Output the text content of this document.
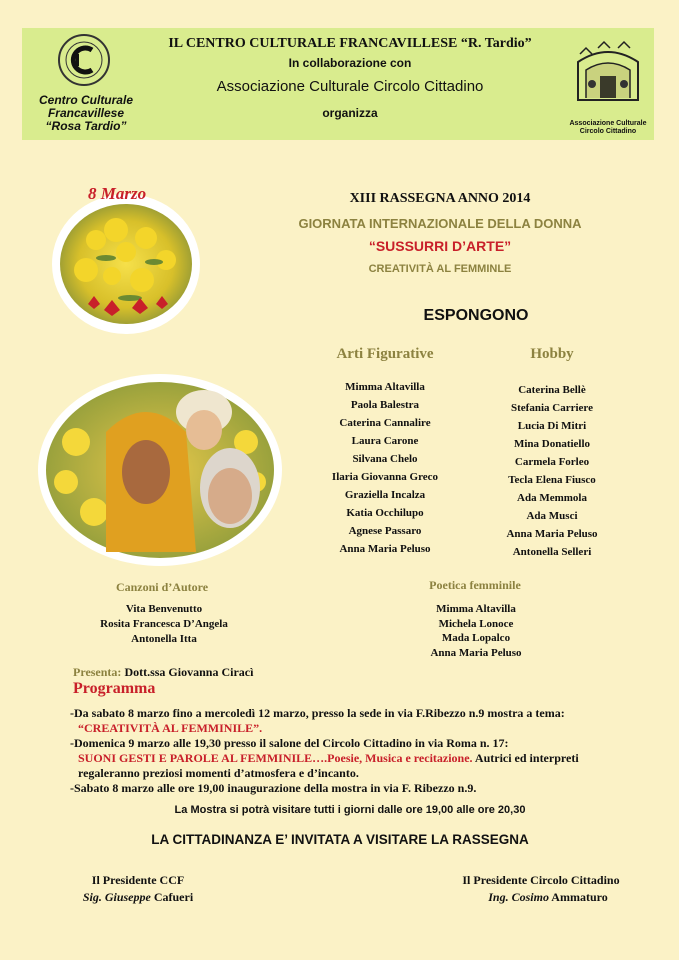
Centro Culturale
Francavillese
“Rosa Tardio”
IL CENTRO CULTURALE FRANCAVILLESE “R. Tardio”
In collaborazione con
Associazione Culturale Circolo Cittadino
organizza
Associazione Culturale
Circolo Cittadino
8 Marzo	XIII RASSEGNA ANNO 2014
GIORNATA INTERNAZIONALE DELLA DONNA
“SUSSURRI D’ARTE”
CREATIVITÀ AL FEMMINLE
ESPONGONO
Arti Figurative
Mimma Altavilla
Paola Balestra
Caterina Cannalire
Laura Carone
Silvana Chelo
Ilaria Giovanna Greco
Graziella Incalza
Katia Occhilupo
Agnese Passaro
Anna Maria Peluso
Hobby
Caterina Bellè
Stefania Carriere
Lucia Di Mitri
Mina Donatiello
Carmela Forleo
Tecla Elena Fiusco
Ada Memmola
Ada Musci
Anna Maria Peluso
Antonella Selleri
Canzoni d’Autore
Vita Benvenutto
Rosita Francesca D’Angela
Antonella Itta
Poetica femminile
Mimma Altavilla
Michela Lonoce
Mada Lopalco
Anna Maria Peluso
Presenta: Dott.ssa Giovanna Ciracì
Programma
-Da sabato 8 marzo fino a mercoledì 12 marzo, presso la sede in via F.Ribezzo n.9 mostra a tema:
“CREATIVITÀ AL FEMMINILE”.
-Domenica 9 marzo alle 19,30 presso il salone del Circolo Cittadino in via Roma n. 17:
SUONI GESTI E PAROLE AL FEMMINILE….Poesie, Musica e recitazione. Autrici ed interpreti
regaleranno preziosi momenti d’atmosfera e d’incanto.
-Sabato 8 marzo alle ore 19,00 inaugurazione della mostra in via F. Ribezzo n.9.
La Mostra si potrà visitare tutti i giorni dalle ore 19,00 alle ore 20,30
LA CITTADINANZA E’ INVITATA A VISITARE LA RASSEGNA
Il Presidente CCF
Sig. Giuseppe Cafueri
Il Presidente Circolo Cittadino
Ing. Cosimo Ammaturo
